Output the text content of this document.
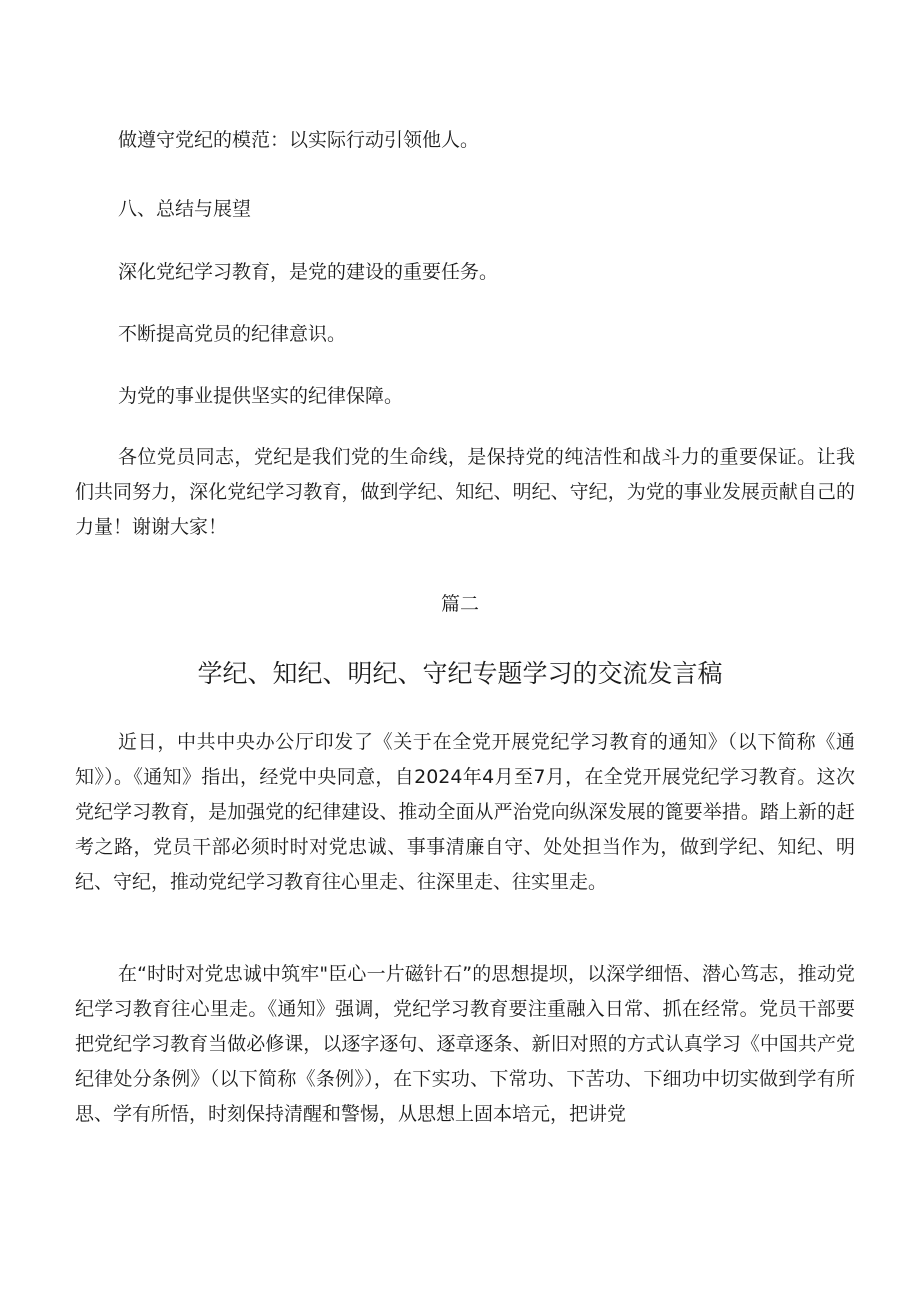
做遵守党纪的模范：以实际行动引领他人。
八、总结与展望
深化党纪学习教育，是党的建设的重要任务。
不断提高党员的纪律意识。
为党的事业提供坚实的纪律保障。

各位党员同志，党纪是我们党的生命线，是保持党的纯洁性和战斗力的重要保证。让我们共同努力，深化党纪学习教育，做到学纪、知纪、明纪、守纪，为党的事业发展贡献自己的力量！谢谢大家！

篇二
学纪、知纪、明纪、守纪专题学习的交流发言稿

近日，中共中央办公厅印发了《关于在全党开展党纪学习教育的通知》（以下简称《通知》）。《通知》指出，经党中央同意，自2024年4月至7月，在全党开展党纪学习教育。这次党纪学习教育，是加强党的纪律建设、推动全面从严治党向纵深发展的篦要举措。踏上新的赶考之路，党员干部必须时时对党忠诚、事事清廉自守、处处担当作为，做到学纪、知纪、明纪、守纪，推动党纪学习教育往心里走、往深里走、往实里走。

在“时时对党忠诚中筑牢"臣心一片磁针石”的思想提坝，以深学细悟、潜心笃志，推动党纪学习教育往心里走。《通知》强调，党纪学习教育要注重融入日常、抓在经常。党员干部要把党纪学习教育当做必修课，以逐字逐句、逐章逐条、新旧对照的方式认真学习《中国共产党纪律处分条例》（以下简称《条例》），在下实功、下常功、下苦功、下细功中切实做到学有所思、学有所悟，时刻保持清醒和警惕，从思想上固本培元，把讲党
